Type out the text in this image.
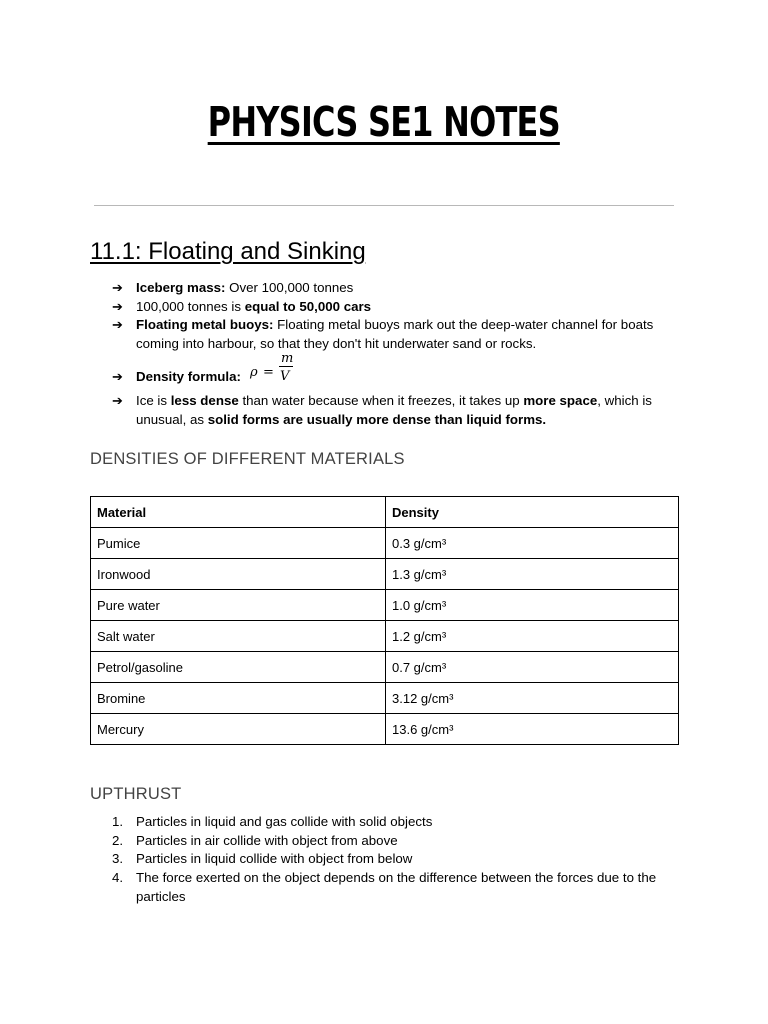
PHYSICS SE1 NOTES
11.1: Floating and Sinking
➔ Iceberg mass: Over 100,000 tonnes
➔ 100,000 tonnes is equal to 50,000 cars
➔ Floating metal buoys: Floating metal buoys mark out the deep-water channel for boats coming into harbour, so that they don't hit underwater sand or rocks.
➔ Density formula: ρ =
m
V
➔ Ice is less dense than water because when it freezes, it takes up more space, which is unusual, as solid forms are usually more dense than liquid forms.
DENSITIES OF DIFFERENT MATERIALS
Material	Density
Pumice	0.3 g/cm³
Ironwood	1.3 g/cm³
Pure water	1.0 g/cm³
Salt water	1.2 g/cm³
Petrol/gasoline	0.7 g/cm³
Bromine	3.12 g/cm³
Mercury	13.6 g/cm³
UPTHRUST
1. Particles in liquid and gas collide with solid objects
2. Particles in air collide with object from above
3. Particles in liquid collide with object from below
4. The force exerted on the object depends on the difference between the forces due to the particles
